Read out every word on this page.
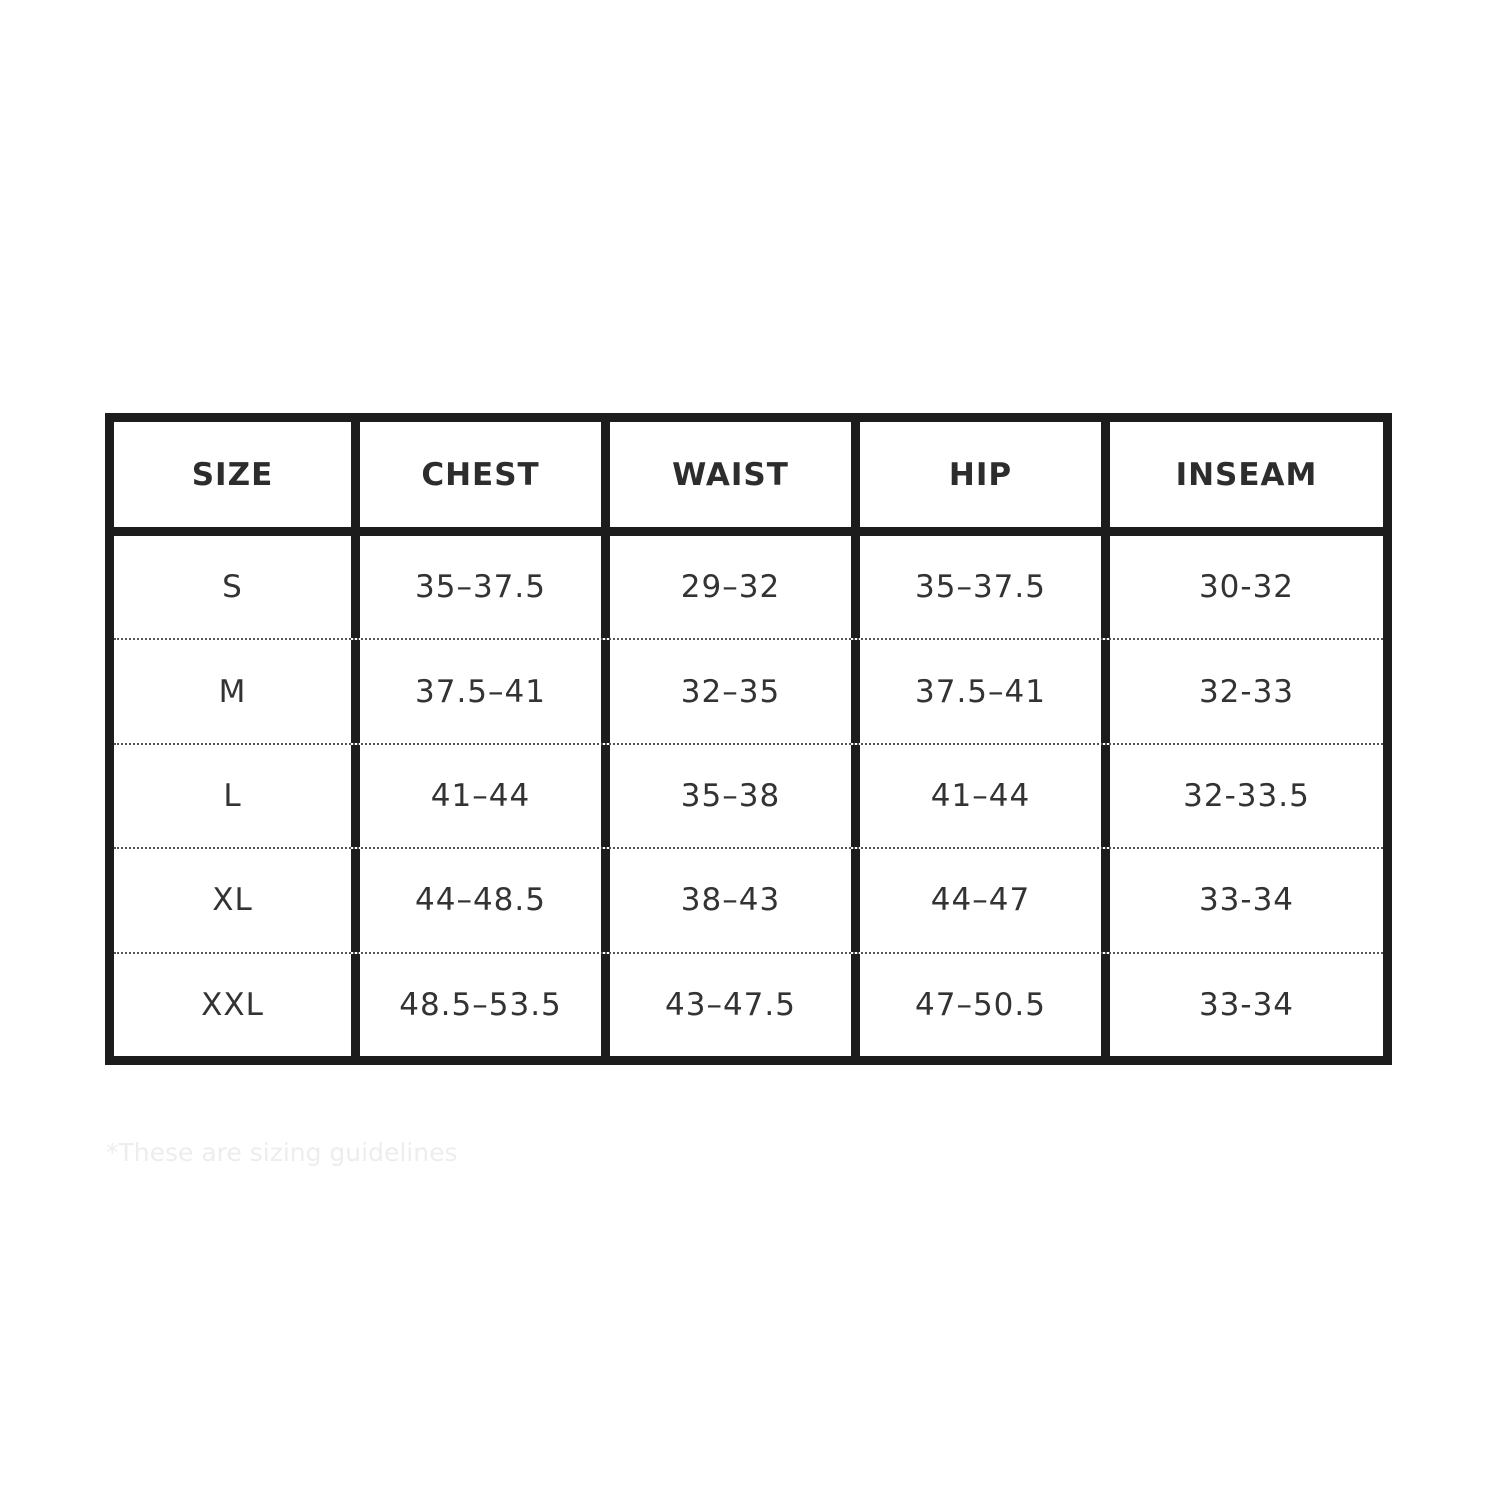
SIZE	CHEST	WAIST	HIP	INSEAM
S	35–37.5	29–32	35–37.5	30-32
M	37.5–41	32–35	37.5–41	32-33
L	41–44	35–38	41–44	32-33.5
XL	44–48.5	38–43	44–47	33-34
XXL	48.5–53.5	43–47.5	47–50.5	33-34
*These are sizing guidelines
